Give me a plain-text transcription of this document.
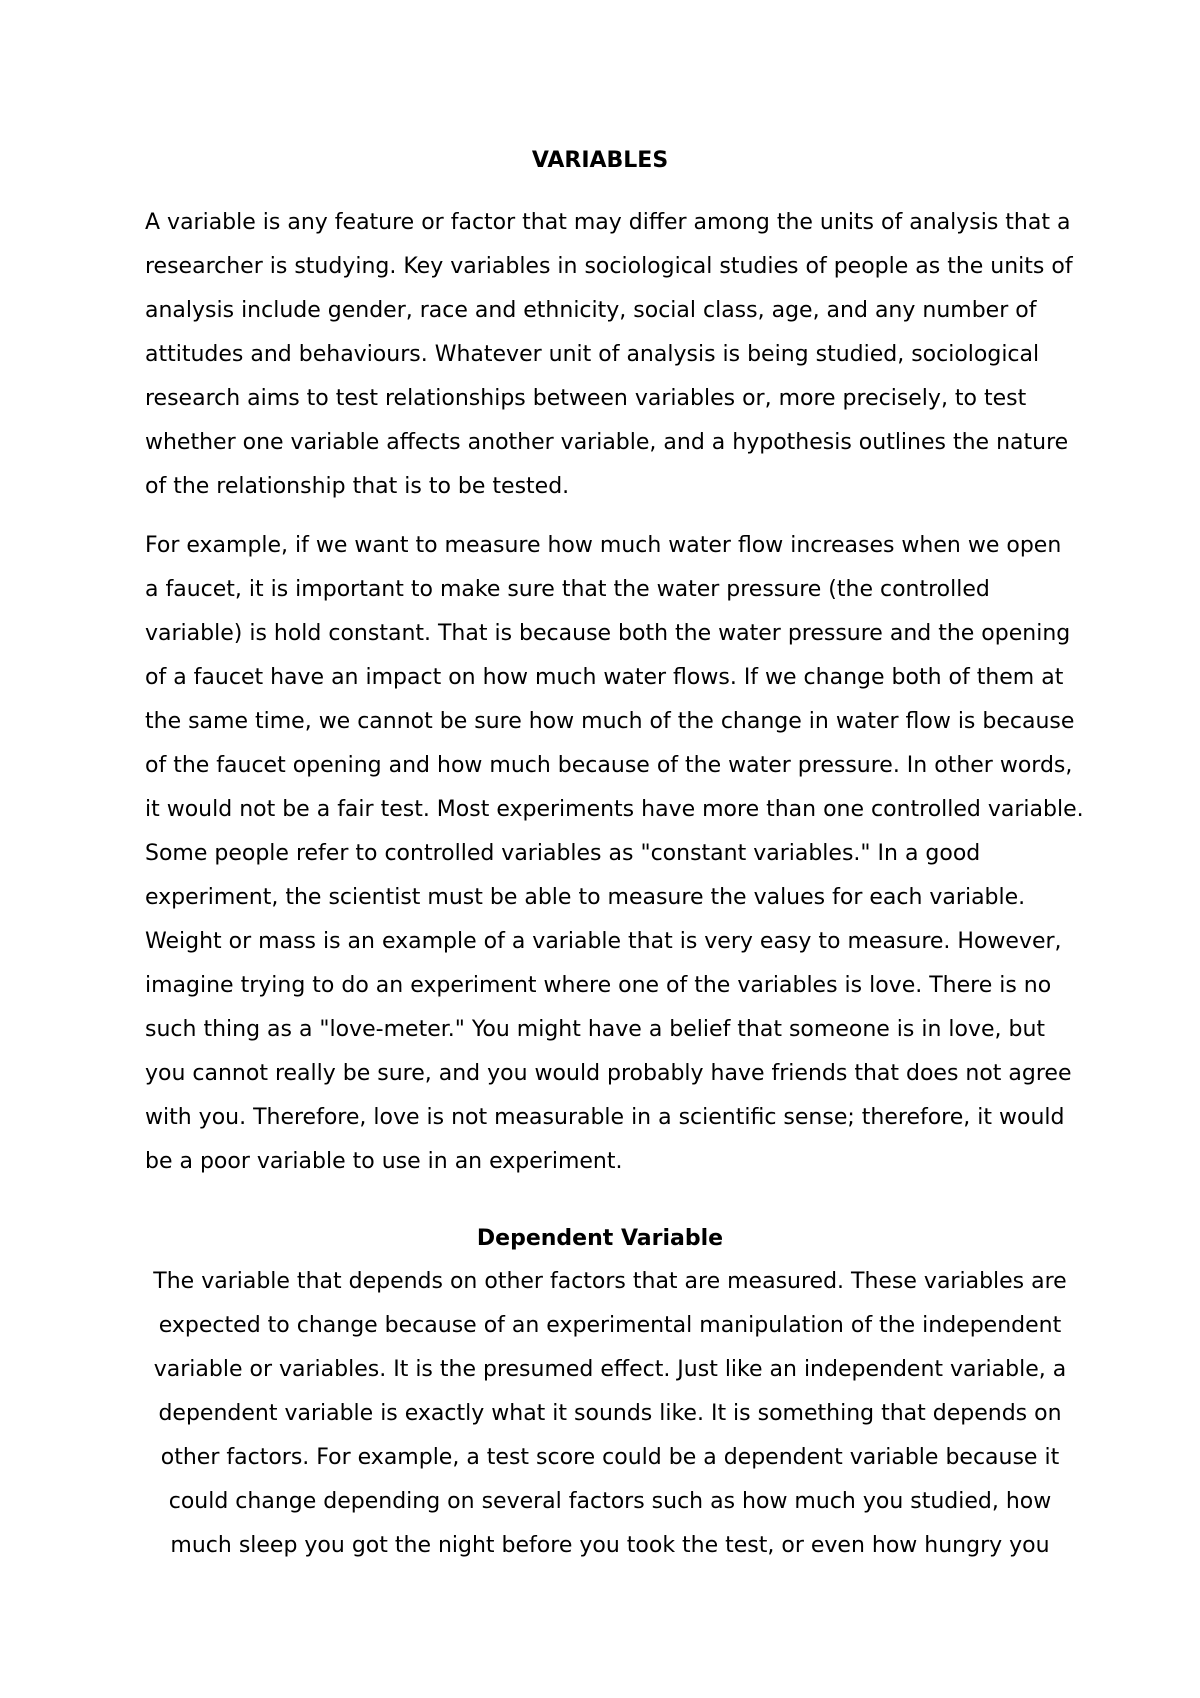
VARIABLES

A variable is any feature or factor that may differ among the units of analysis that a
researcher is studying. Key variables in sociological studies of people as the units of
analysis include gender, race and ethnicity, social class, age, and any number of
attitudes and behaviours. Whatever unit of analysis is being studied, sociological
research aims to test relationships between variables or, more precisely, to test
whether one variable affects another variable, and a hypothesis outlines the nature
of the relationship that is to be tested.

For example, if we want to measure how much water flow increases when we open
a faucet, it is important to make sure that the water pressure (the controlled
variable) is hold constant. That is because both the water pressure and the opening
of a faucet have an impact on how much water flows. If we change both of them at
the same time, we cannot be sure how much of the change in water flow is because
of the faucet opening and how much because of the water pressure. In other words,
it would not be a fair test. Most experiments have more than one controlled variable.
Some people refer to controlled variables as "constant variables." In a good
experiment, the scientist must be able to measure the values for each variable.
Weight or mass is an example of a variable that is very easy to measure. However,
imagine trying to do an experiment where one of the variables is love. There is no
such thing as a "love-meter." You might have a belief that someone is in love, but
you cannot really be sure, and you would probably have friends that does not agree
with you. Therefore, love is not measurable in a scientific sense; therefore, it would
be a poor variable to use in an experiment.

Dependent Variable

The variable that depends on other factors that are measured. These variables are
expected to change because of an experimental manipulation of the independent
variable or variables. It is the presumed effect. Just like an independent variable, a
dependent variable is exactly what it sounds like. It is something that depends on
other factors. For example, a test score could be a dependent variable because it
could change depending on several factors such as how much you studied, how
much sleep you got the night before you took the test, or even how hungry you
